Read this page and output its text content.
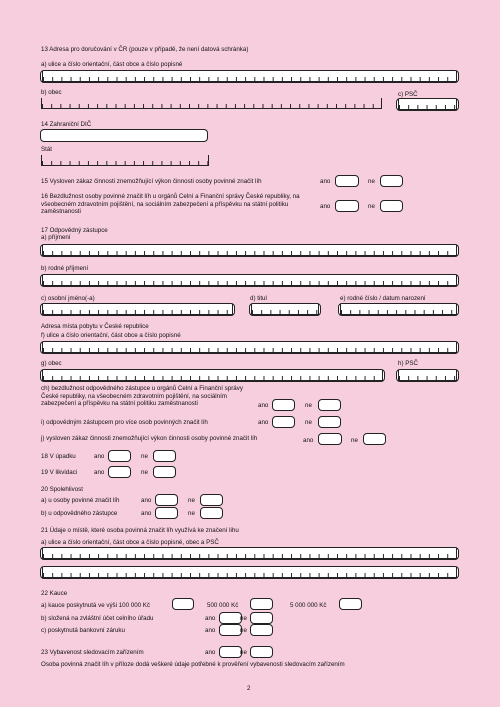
13 Adresa pro doručování v ČR (pouze v případě, že není datová schránka)
a) ulice a číslo orientační, část obce a číslo popisné
b) obec	c) PSČ
14 Zahraniční DIČ
Stát
15 Vysloven zákaz činnosti znemožňující výkon činnosti osoby povinné značit líh	ano	ne
16 Bezdlužnost osoby povinné značit líh u orgánů Celní a Finanční správy České republiky, na všeobecném zdravotním pojištění, na sociálním zabezpečení a příspěvku na státní politiku zaměstnanosti
ano	ne
17 Odpovědný zástupce
a) příjmení
b) rodné příjmení
c) osobní jméno(-a)	d) titul	e) rodné číslo / datum narození
Adresa místa pobytu v České republice
f) ulice a číslo orientační, část obce a číslo popisné
g) obec	h) PSČ
ch) bezdlužnost odpovědného zástupce u orgánů Celní a Finanční správy České republiky, na všeobecném zdravotním pojištění, na sociálním zabezpečení a příspěvku na státní politiku zaměstnanosti	ano	ne
i) odpovědným zástupcem pro více osob povinných značit líh	ano	ne
j) vysloven zákaz činnosti znemožňující výkon činnosti osoby povinné značit líh	ano	ne
18 V úpadku	ano	ne
19 V likvidaci	ano	ne
20 Spolehlivost
a) u osoby povinné značit líh	ano	ne
b) u odpovědného zástupce	ano	ne
21 Údaje o místě, které osoba povinná značit líh využívá ke značení lihu
a) ulice a číslo orientační, část obce a číslo popisné, obec a PSČ
22 Kauce
a) kauce poskytnutá ve výši 100 000 Kč	500 000 Kč	5 000 000 Kč
b) složená na zvláštní účet celního úřadu	ano	ne
c) poskytnutá bankovní záruku	ano	ne
23 Vybavenost sledovacím zařízením	ano	ne
Osoba povinná značit líh v příloze dodá veškeré údaje potřebné k prověření vybavenosti sledovacím zařízením
2
